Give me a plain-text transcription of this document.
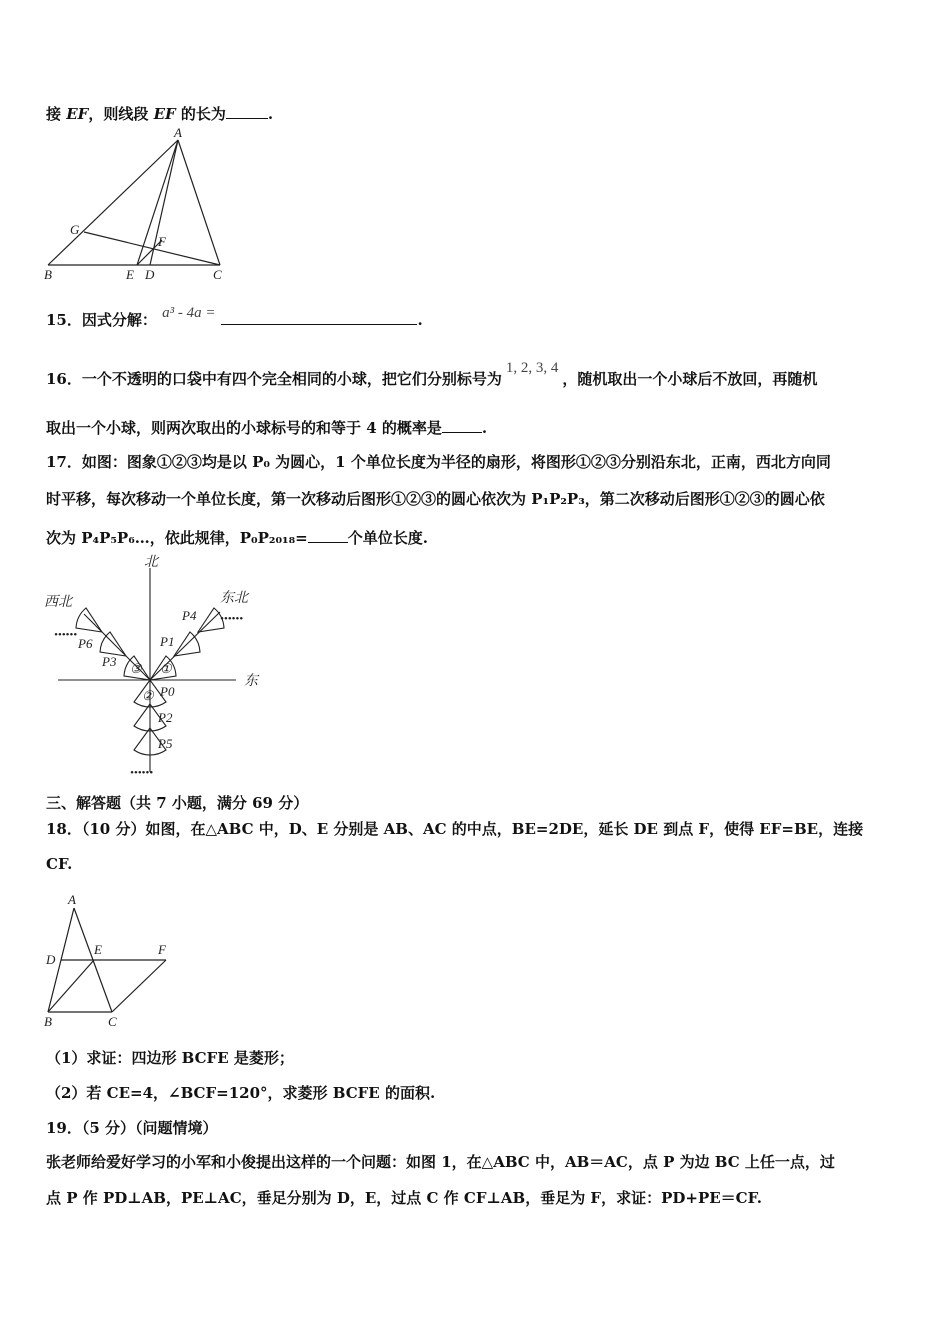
接 EF，则线段 EF 的长为	.
A
G
F
B	E D	C
15．因式分解： a³ - 4a =	.
16．一个不透明的口袋中有四个完全相同的小球，把它们分别标号为1, 2, 3, 4，随机取出一个小球后不放回，再随机
取出一个小球，则两次取出的小球标号的和等于 4 的概率是	.
17．如图：图象①②③均是以 P₀ 为圆心，1 个单位长度为半径的扇形，将图形①②③分别沿东北，正南，西北方向同
时平移，每次移动一个单位长度，第一次移动后图形①②③的圆心依次为 P₁P₂P₃，第二次移动后图形①②③的圆心依
次为 P₄P₅P₆…，依此规律，P₀P₂₀₁₈=	个单位长度.
北
东
西北	东北
①
③
② P0
P1
P2
P3
P4
P5
P6
••••••
••••••
••••••
三、解答题（共 7 小题，满分 69 分）
18．（10 分）如图，在△ABC 中，D、E 分别是 AB、AC 的中点，BE=2DE，延长 DE 到点 F，使得 EF=BE，连接
CF.
A
D
E	F
B	C
（1）求证：四边形 BCFE 是菱形；
（2）若 CE=4，∠BCF=120°，求菱形 BCFE 的面积.
19．（5 分）（问题情境）
张老师给爱好学习的小军和小俊提出这样的一个问题：如图 1，在△ABC 中，AB＝AC，点 P 为边 BC 上任一点，过
点 P 作 PD⊥AB，PE⊥AC，垂足分别为 D，E，过点 C 作 CF⊥AB，垂足为 F，求证：PD+PE＝CF.
